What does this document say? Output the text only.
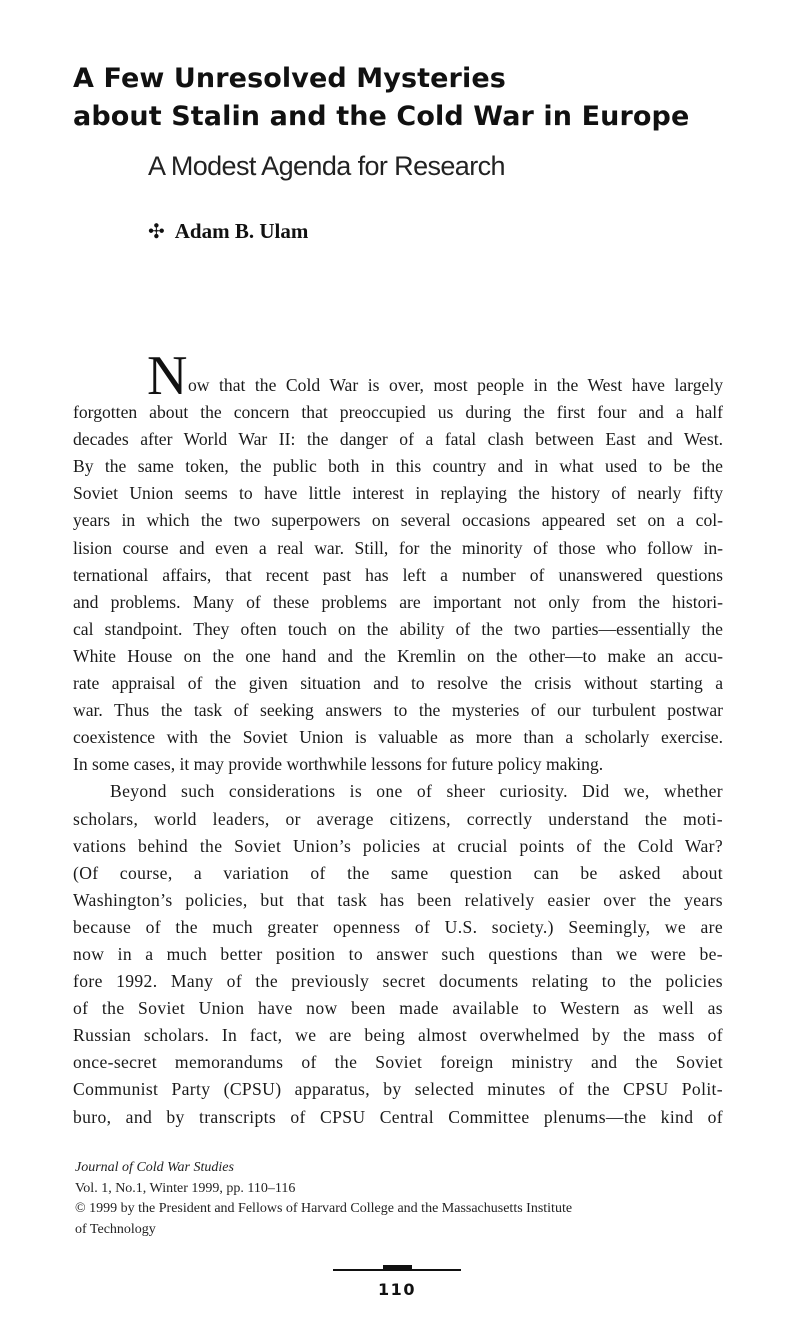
A Few Unresolved Mysteries
about Stalin and the Cold War in Europe
A Modest Agenda for Research
✣ Adam B. Ulam
N ow that the Cold War is over, most people in the West have largely
forgotten about the concern that preoccupied us during the first four and a half
decades after World War II: the danger of a fatal clash between East and West.
By the same token, the public both in this country and in what used to be the
Soviet Union seems to have little interest in replaying the history of nearly fifty
years in which the two superpowers on several occasions appeared set on a col-
lision course and even a real war. Still, for the minority of those who follow in-
ternational affairs, that recent past has left a number of unanswered questions
and problems. Many of these problems are important not only from the histori-
cal standpoint. They often touch on the ability of the two parties—essentially the
White House on the one hand and the Kremlin on the other—to make an accu-
rate appraisal of the given situation and to resolve the crisis without starting a
war. Thus the task of seeking answers to the mysteries of our turbulent postwar
coexistence with the Soviet Union is valuable as more than a scholarly exercise.
In some cases, it may provide worthwhile lessons for future policy making.
Beyond such considerations is one of sheer curiosity. Did we, whether
scholars, world leaders, or average citizens, correctly understand the moti-
vations behind the Soviet Union’s policies at crucial points of the Cold War?
(Of course, a variation of the same question can be asked about
Washington’s policies, but that task has been relatively easier over the years
because of the much greater openness of U.S. society.) Seemingly, we are
now in a much better position to answer such questions than we were be-
fore 1992. Many of the previously secret documents relating to the policies
of the Soviet Union have now been made available to Western as well as
Russian scholars. In fact, we are being almost overwhelmed by the mass of
once-secret memorandums of the Soviet foreign ministry and the Soviet
Communist Party (CPSU) apparatus, by selected minutes of the CPSU Polit-
buro, and by transcripts of CPSU Central Committee plenums—the kind of
Journal of Cold War Studies
Vol. 1, No.1, Winter 1999, pp. 110–116
© 1999 by the President and Fellows of Harvard College and the Massachusetts Institute
of Technology
110
